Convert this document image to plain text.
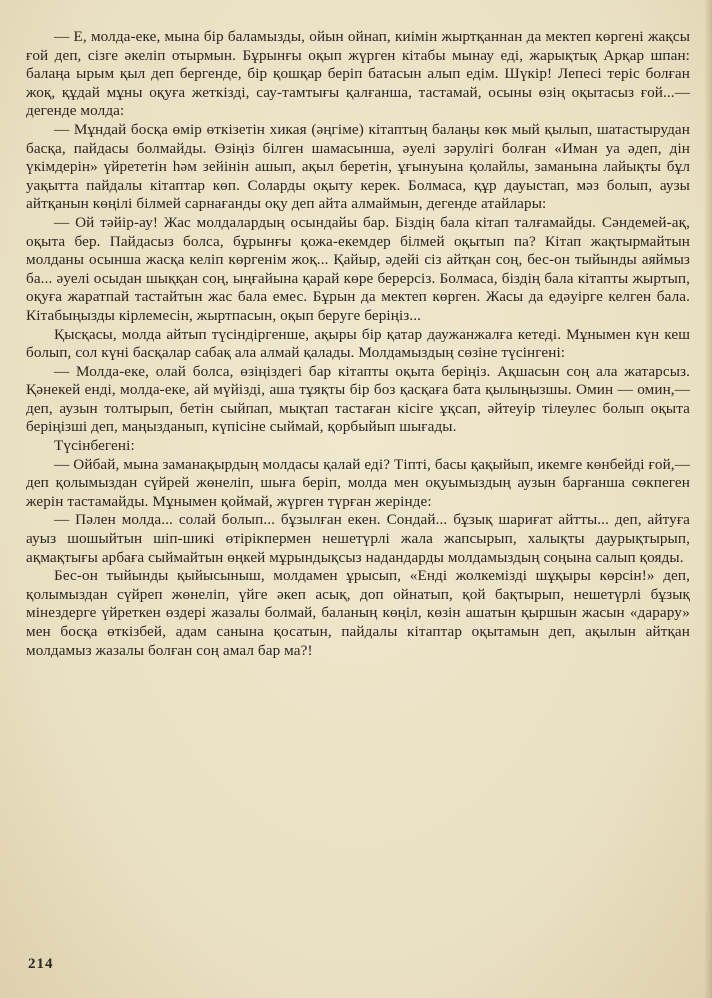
— Е, молда-еке, мына бір баламызды, ойын ойнап, киімін жыртқаннан да мектеп көргені жақсы ғой деп, сізге әкеліп отырмын. Бұрынғы оқып жүрген кітабы мынау еді, жарықтық Арқар шпан: балаңа ырым қыл деп бергенде, бір қошқар беріп батасын алып едім. Шүкір! Лепесі теріс болған жоқ, құдай мұны оқуға жеткізді, сау-тамтығы қалғанша, тастамай, осыны өзің оқытасыз ғой...— дегенде молда:

— Мұндай босқа өмір өткізетін хикая (әңгіме) кітаптың балаңы көк мый қылып, шатастырудан басқа, пайдасы болмайды. Өзіңіз білген шамасынша, әуелі зәрулігі болған «Иман уа әдеп, дін үкімдерін» үйрететін һәм зейінін ашып, ақыл беретін, ұғынуына қолайлы, заманына лайықты бұл уақытта пайдалы кітаптар көп. Соларды оқыту керек. Болмаса, құр дауыстап, мәз болып, аузы айтқанын көңілі білмей сарнағанды оқу деп айта алмаймын, дегенде атайлары:

— Ой тәйір-ау! Жас молдалардың осындайы бар. Біздің бала кітап талғамайды. Сәндемей-ақ, оқыта бер. Пайдасыз болса, бұрынғы қожа-екемдер білмей оқытып па? Кітап жақтырмайтын молданы осынша жасқа келіп көргенім жоқ... Қайыр, әдейі сіз айтқан соң, бес-он тыйынды аяймыз ба... әуелі осыдан шыққан соң, ыңғайына қарай көре берерсіз. Болмаса, біздің бала кітапты жыртып, оқуға жаратпай тастайтын жас бала емес. Бұрын да мектеп көрген. Жасы да едәуірге келген бала. Кітабыңызды кірлемесін, жыртпасын, оқып беруге беріңіз...

Қысқасы, молда айтып түсіндіргенше, ақыры бір қатар даужанжалға кетеді. Мұнымен күн кеш болып, сол күні басқалар сабақ ала алмай қалады. Молдамыздың сөзіне түсінгені:

— Молда-еке, олай болса, өзіңіздегі бар кітапты оқыта беріңіз. Ақшасын соң ала жатарсыз. Қәнекей енді, молда-еке, ай мүйізді, аша тұяқты бір боз қасқаға бата қылыңызшы. Омин — омин,— деп, аузын толтырып, бетін сыйпап, мықтап тастаған кісіге ұқсап, әйтеуір тілеулес болып оқыта беріңізші деп, маңызданып, күпісіне сыймай, қорбыйып шығады.

Түсінбегені:

— Ойбай, мына заманақырдың молдасы қалай еді? Тіпті, басы қақыйып, икемге көнбейді ғой,— деп қолымыздан сүйрей жөнеліп, шыға беріп, молда мен оқуымыздың аузын барғанша сөкпеген жерін тастамайды. Мұнымен қоймай, жүрген түрған жерінде:

— Пәлен молда... солай болып... бұзылған екен. Сондай... бұзық шариғат айтты... деп, айтуға ауыз шошыйтын шіп-шикі өтірікпермен нешетүрлі жала жапсырып, халықты даурықтырып, ақмақтығы арбаға сыймайтын өңкей мұрындықсыз надандарды молдамыздың соңына салып қояды.

Бес-он тыйынды қыйысыныш, молдамен ұрысып, «Енді жолкемізді шұқыры көрсін!» деп, қолымыздан сүйреп жөнеліп, үйге әкеп асық, доп ойнатып, қой бақтырып, нешетүрлі бұзық мінездерге үйреткен өздері жазалы болмай, баланың көңіл, көзін ашатын қыршын жасын «дарару» мен босқа өткізбей, адам санына қосатын, пайдалы кітаптар оқытамын деп, ақылын айтқан молдамыз жазалы болған соң амал бар ма?!

214
